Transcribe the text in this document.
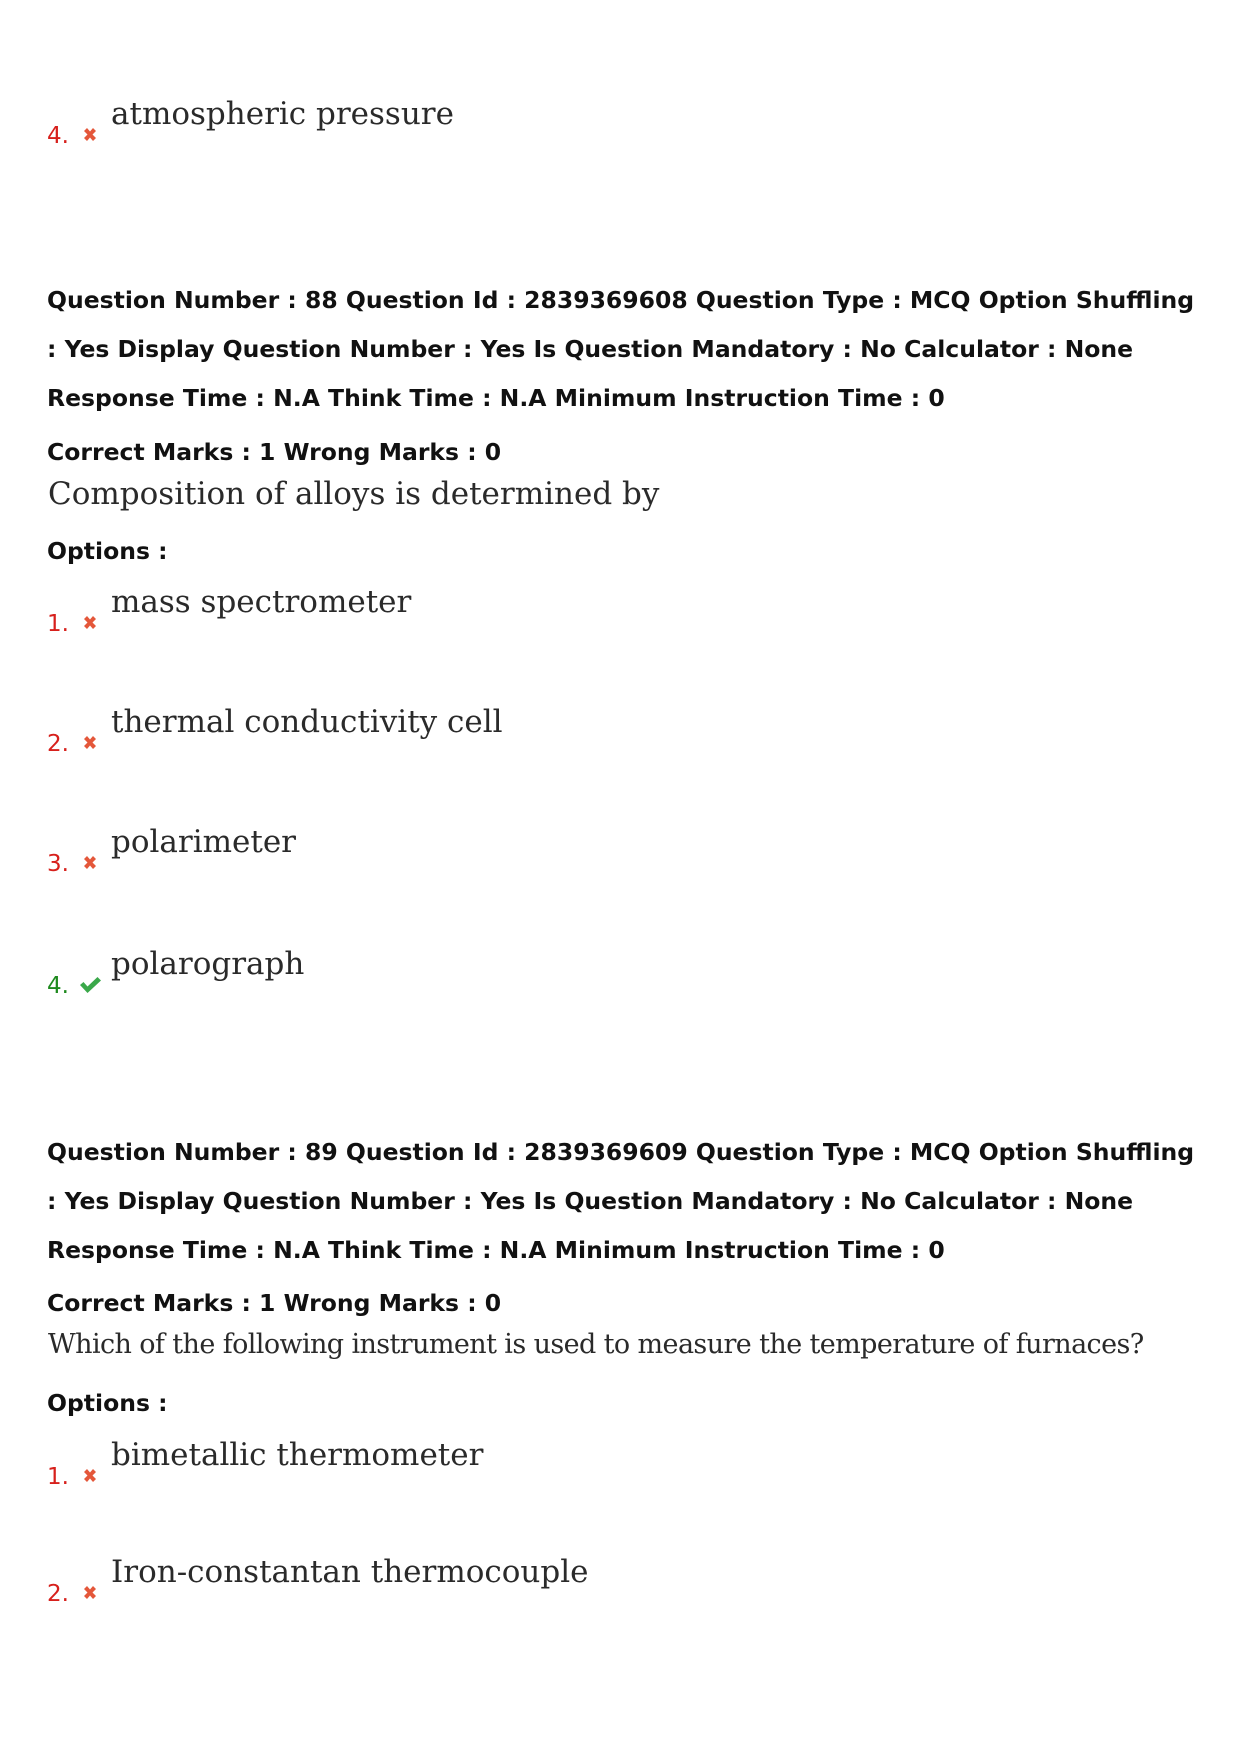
4.
atmospheric pressure
Question Number : 88 Question Id : 2839369608 Question Type : MCQ Option Shuffling : Yes Display Question Number : Yes Is Question Mandatory : No Calculator : None Response Time : N.A Think Time : N.A Minimum Instruction Time : 0
Correct Marks : 1 Wrong Marks : 0
Composition of alloys is determined by
Options :
1.
mass spectrometer
2.
thermal conductivity cell
3.
polarimeter
4.
polarograph
Question Number : 89 Question Id : 2839369609 Question Type : MCQ Option Shuffling : Yes Display Question Number : Yes Is Question Mandatory : No Calculator : None Response Time : N.A Think Time : N.A Minimum Instruction Time : 0
Correct Marks : 1 Wrong Marks : 0
Which of the following instrument is used to measure the temperature of furnaces?
Options :
1.
bimetallic thermometer
2.
Iron-constantan thermocouple
